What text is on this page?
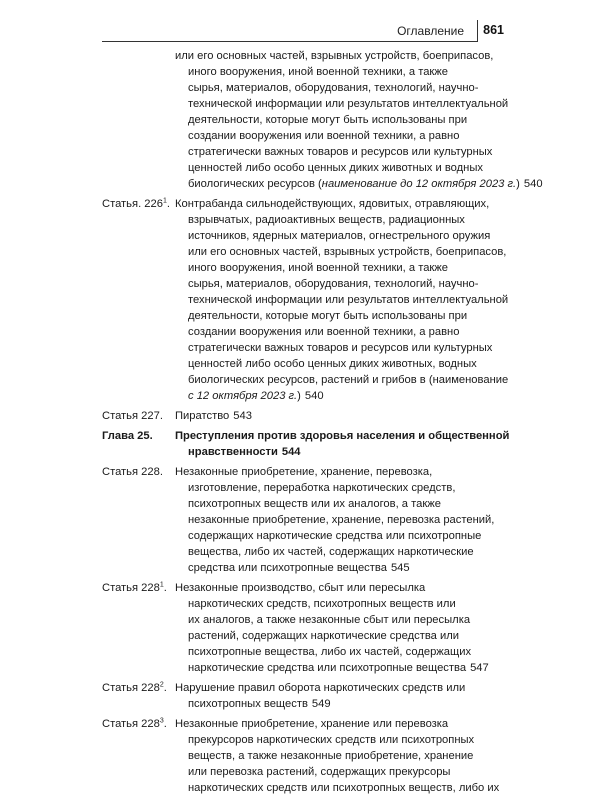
Оглавление 861
или его основных частей, взрывных устройств, боеприпасов,
иного вооружения, иной военной техники, а также
сырья, материалов, оборудования, технологий, научно-
технической информации или результатов интеллектуальной
деятельности, которые могут быть использованы при
создании вооружения или военной техники, а равно
стратегически важных товаров и ресурсов или культурных
ценностей либо особо ценных диких животных и водных
биологических ресурсов (наименование до 12 октября 2023 г.) 540
Статья. $226^1$. Контрабанда сильнодействующих, ядовитых, отравляющих,
взрывчатых, радиоактивных веществ, радиационных
источников, ядерных материалов, огнестрельного оружия
или его основных частей, взрывных устройств, боеприпасов,
иного вооружения, иной военной техники, а также
сырья, материалов, оборудования, технологий, научно-
технической информации или результатов интеллектуальной
деятельности, которые могут быть использованы при
создании вооружения или военной техники, а равно
стратегически важных товаров и ресурсов или культурных
ценностей либо особо ценных диких животных, водных
биологических ресурсов, растений и грибов в (наименование
с 12 октября 2023 г.) 540
Статья 227.	Пиратство 543
Глава 25.	Преступления против здоровья населения и общественной
нравственности 544
Статья 228.	Незаконные приобретение, хранение, перевозка,
изготовление, переработка наркотических средств,
психотропных веществ или их аналогов, а также
незаконные приобретение, хранение, перевозка растений,
содержащих наркотические средства или психотропные
вещества, либо их частей, содержащих наркотические
средства или психотропные вещества 545
Статья $228^1$. Незаконные производство, сбыт или пересылка
наркотических средств, психотропных веществ или
их аналогов, а также незаконные сбыт или пересылка
растений, содержащих наркотические средства или
психотропные вещества, либо их частей, содержащих
наркотические средства или психотропные вещества 547
Статья $228^2$. Нарушение правил оборота наркотических средств или
психотропных веществ 549
Статья $228^3$. Незаконные приобретение, хранение или перевозка
прекурсоров наркотических средств или психотропных
веществ, а также незаконные приобретение, хранение
или перевозка растений, содержащих прекурсоры
наркотических средств или психотропных веществ, либо их
